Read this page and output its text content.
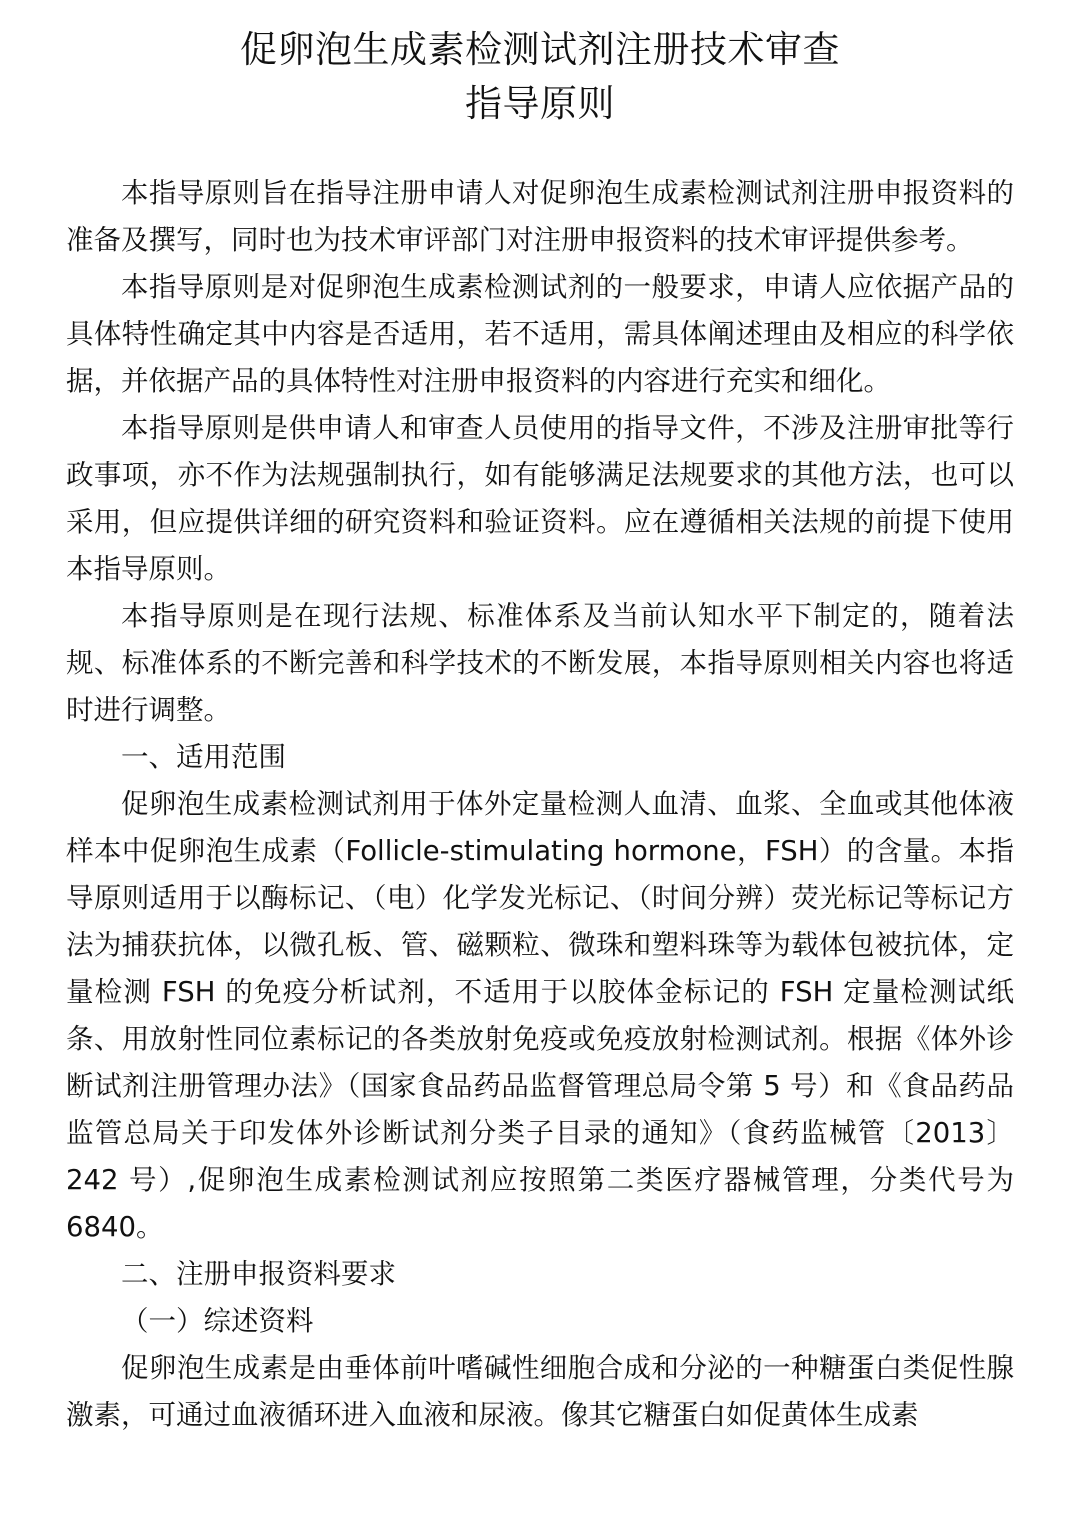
促卵泡生成素检测试剂注册技术审查
指导原则

本指导原则旨在指导注册申请人对促卵泡生成素检测试剂注册申报资料的准备及撰写，同时也为技术审评部门对注册申报资料的技术审评提供参考。

本指导原则是对促卵泡生成素检测试剂的一般要求，申请人应依据产品的具体特性确定其中内容是否适用，若不适用，需具体阐述理由及相应的科学依据，并依据产品的具体特性对注册申报资料的内容进行充实和细化。

本指导原则是供申请人和审查人员使用的指导文件，不涉及注册审批等行政事项，亦不作为法规强制执行，如有能够满足法规要求的其他方法，也可以采用，但应提供详细的研究资料和验证资料。应在遵循相关法规的前提下使用本指导原则。

本指导原则是在现行法规、标准体系及当前认知水平下制定的，随着法规、标准体系的不断完善和科学技术的不断发展，本指导原则相关内容也将适时进行调整。

一、适用范围

促卵泡生成素检测试剂用于体外定量检测人血清、血浆、全血或其他体液样本中促卵泡生成素（Follicle-stimulating hormone，FSH）的含量。本指导原则适用于以酶标记、（电）化学发光标记、（时间分辨）荧光标记等标记方法为捕获抗体，以微孔板、管、磁颗粒、微珠和塑料珠等为载体包被抗体，定量检测 FSH 的免疫分析试剂，不适用于以胶体金标记的 FSH 定量检测试纸条、用放射性同位素标记的各类放射免疫或免疫放射检测试剂。根据《体外诊断试剂注册管理办法》（国家食品药品监督管理总局令第 5 号）和《食品药品监管总局关于印发体外诊断试剂分类子目录的通知》（食药监械管〔2013〕242 号）,促卵泡生成素检测试剂应按照第二类医疗器械管理，分类代号为 6840。

二、注册申报资料要求

（一）综述资料

促卵泡生成素是由垂体前叶嗜碱性细胞合成和分泌的一种糖蛋白类促性腺激素，可通过血液循环进入血液和尿液。像其它糖蛋白如促黄体生成素
